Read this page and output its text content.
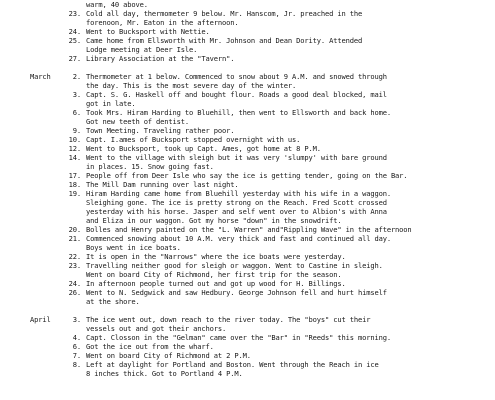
warm, 40 above.
23. Cold all day, thermometer 9 below. Mr. Hanscom, Jr. preached in the
forenoon, Mr. Eaton in the afternoon.
24. Went to Bucksport with Nettie.
25. Came home from Ellsworth with Mr. Johnson and Dean Dority. Attended
Lodge meeting at Deer Isle.
27. Library Association at the "Tavern".
March	2. Thermometer at 1 below. Commenced to snow about 9 A.M. and snowed through
the day. This is the most severe day of the winter.
3. Capt. S. G. Haskell off and bought flour. Roads a good deal blocked, mail
got in late.
6. Took Mrs. Hiram Harding to Bluehill, then went to Ellsworth and back home.
Got new teeth of dentist.
9. Town Meeting. Traveling rather poor.
10. Capt. I.ames of Bucksport stopped overnight with us.
12. Went to Bucksport, took up Capt. Ames, got home at 8 P.M.
14. Went to the village with sleigh but it was very 'slumpy' with bare ground
in places. 15. Snow going fast.
17. People off from Deer Isle who say the ice is getting tender, going on the Bar.
18. The Mill Dam running over last night.
19. Hiram Harding came home from Bluehill yesterday with his wife in a waggon.
Sleighing gone. The ice is pretty strong on the Reach. Fred Scott crossed
yesterday with his horse. Jasper and self went over to Albion's with Anna
and Eliza in our waggon. Got my horse "down" in the snowdrift.
20. Bolles and Henry painted on the "L. Warren" and"Rippling Wave" in the afternoon
21. Commenced snowing about 10 A.M. very thick and fast and continued all day.
Boys went in ice boats.
22. It is open in the "Narrows" where the ice boats were yesterday.
23. Travelling neither good for sleigh or waggon. Went to Castine in sleigh.
Went on board City of Richmond, her first trip for the season.
24. In afternoon people turned out and got up wood for H. Billings.
26. Went to N. Sedgwick and saw Hedbury. George Johnson fell and hurt himself
at the shore.
April	3. The ice went out, down reach to the river today. The "boys" cut their
vessels out and got their anchors.
4. Capt. Closson in the "Gelman" came over the "Bar" in "Reeds" this morning.
6. Got the ice out from the wharf.
7. Went on board City of Richmond at 2 P.M.
8. Left at daylight for Portland and Boston. Went through the Reach in ice
8 inches thick. Got to Portland 4 P.M.
